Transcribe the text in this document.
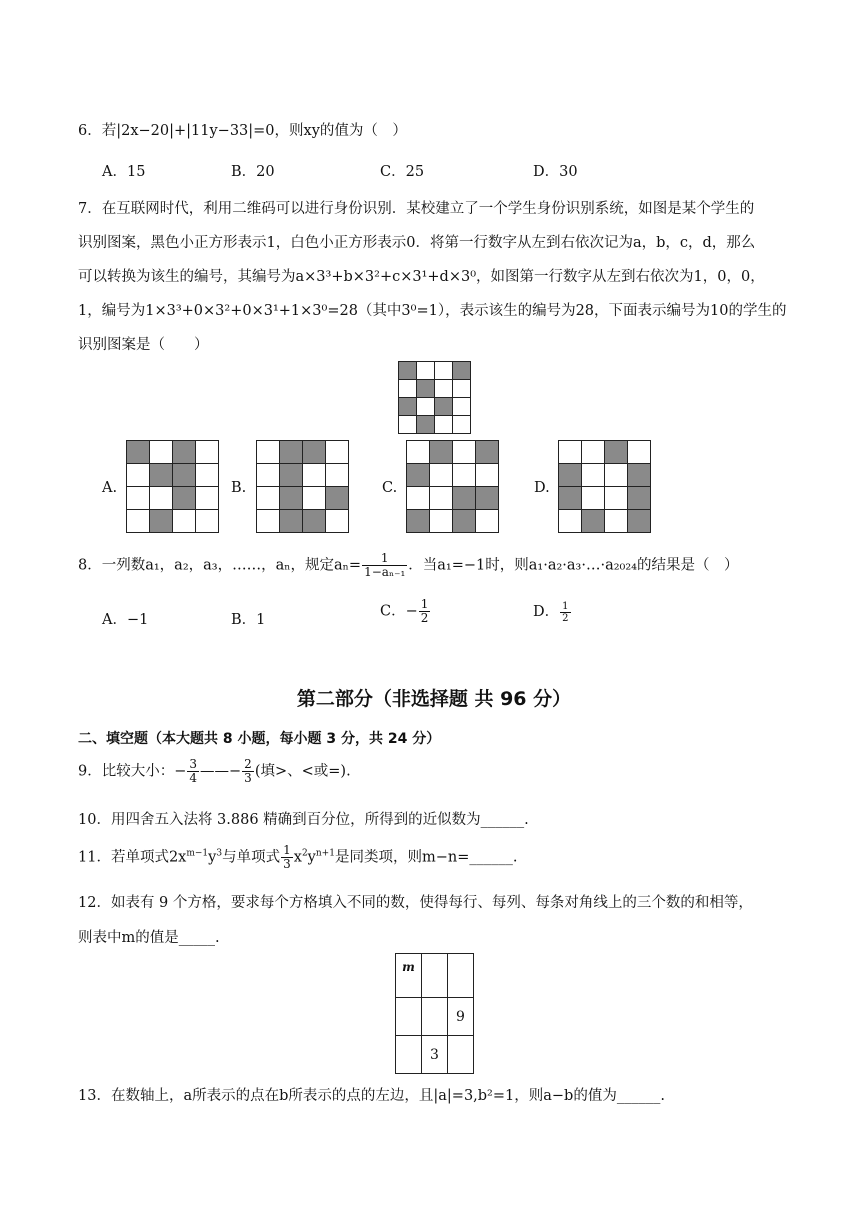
6．若|2x−20|+|11y−33|=0，则xy的值为（　）
A．15	B．20	C．25	D．30
7．在互联网时代，利用二维码可以进行身份识别．某校建立了一个学生身份识别系统，如图是某个学生的
识别图案，黑色小正方形表示1，白色小正方形表示0．将第一行数字从左到右依次记为a，b，c，d，那么
可以转换为该生的编号，其编号为a×3³+b×3²+c×3¹+d×3⁰，如图第一行数字从左到右依次为1，0，0，
1，编号为1×3³+0×3²+0×3¹+1×3⁰=28（其中3⁰=1），表示该生的编号为28，下面表示编号为10的学生的
识别图案是（　　）

A.

				B.

				C.

				D.

8．一列数a₁，a₂，a₃，……，aₙ，规定$a_n= \frac{1}{\text{1−aₙ₋₁}}$ ．当a₁=−1时，则a₁·a₂·a₃·…·a₂₀₂₄的结果是（　）
A．−1	B．1
C．− $\frac{1}{2}$	D． $\frac{1}{2}$
第二部分（非选择题 共 96 分）
二、填空题（本大题共 8 小题，每小题 3 分，共 24 分）
9．比较大小：− $\frac{3}{4}$ ——− $\frac{2}{3}$ (填>、<或=).
10．用四舍五入法将 3.886 精确到百分位，所得到的近似数为______.
11．若单项式$2x^{m-1}y^3$与单项式 $\frac{1}{3} x^2y^{n+1}$是同类项，则m−n=______.
12．如表有 9 个方格，要求每个方格填入不同的数，使得每行、每列、每条对角线上的三个数的和相等，
则表中m的值是_____.
m		
		9
	3	
13．在数轴上，a所表示的点在b所表示的点的左边，且|a|=3,b²=1，则a−b的值为______.
